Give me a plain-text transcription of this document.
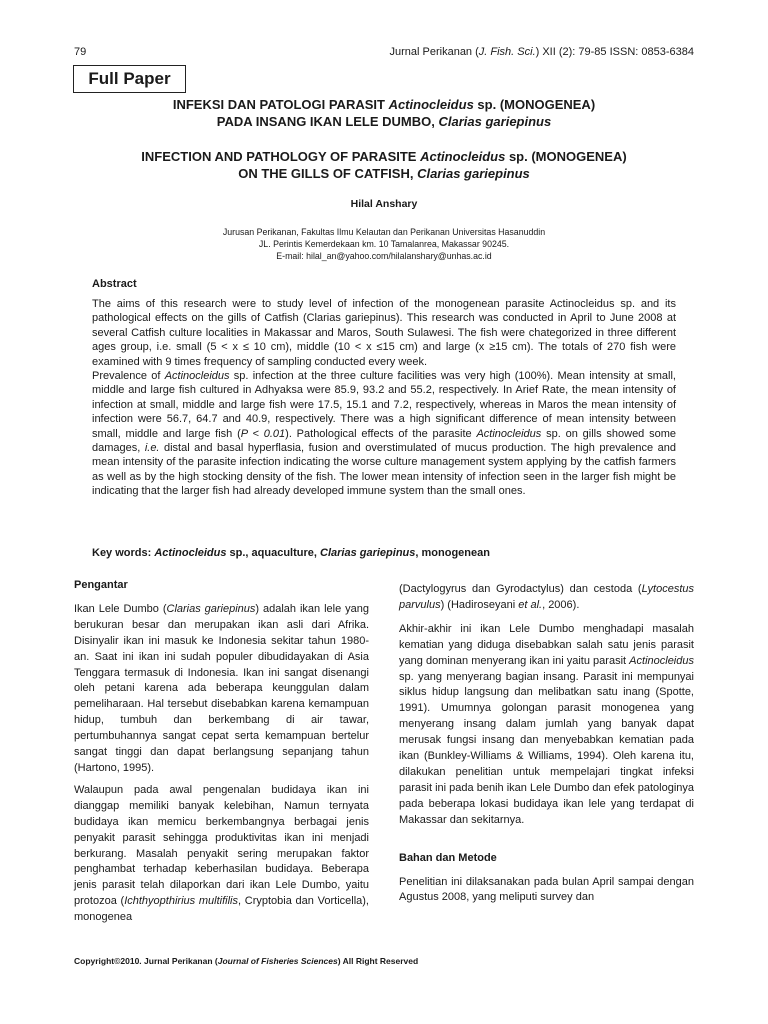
79	Jurnal Perikanan (J. Fish. Sci.) XII (2): 79-85 ISSN: 0853-6384
Full Paper
INFEKSI DAN PATOLOGI PARASIT Actinocleidus sp. (MONOGENEA)
PADA INSANG IKAN LELE DUMBO, Clarias gariepinus
INFECTION AND PATHOLOGY OF PARASITE Actinocleidus sp. (MONOGENEA)
ON THE GILLS OF CATFISH, Clarias gariepinus
Hilal Anshary
Jurusan Perikanan, Fakultas Ilmu Kelautan dan Perikanan Universitas Hasanuddin
JL. Perintis Kemerdekaan km. 10 Tamalanrea, Makassar 90245.
E-mail: hilal_an@yahoo.com/hilalanshary@unhas.ac.id
Abstract

The aims of this research were to study level of infection of the monogenean parasite Actinocleidus sp. and its pathological effects on the gills of Catfish (Clarias gariepinus). This research was conducted in April to June 2008 at several Catfish culture localities in Makassar and Maros, South Sulawesi. The fish were chategorized in three different ages group, i.e. small (5 < x ≤ 10 cm), middle (10 < x ≤15 cm) and large (x ≥15 cm). The totals of 270 fish were examined with 9 times frequency of sampling conducted every week.

Prevalence of Actinocleidus sp. infection at the three culture facilities was very high (100%). Mean intensity at small, middle and large fish cultured in Adhyaksa were 85.9, 93.2 and 55.2, respectively. In Arief Rate, the mean intensity of infection at small, middle and large fish were 17.5, 15.1 and 7.2, respectively, whereas in Maros the mean intensity of infection were 56.7, 64.7 and 40.9, respectively. There was a high significant difference of mean intensity between small, middle and large fish (P < 0.01). Pathological effects of the parasite Actinocleidus sp. on gills showed some damages, i.e. distal and basal hyperflasia, fusion and overstimulated of mucus production. The high prevalence and mean intensity of the parasite infection indicating the worse culture management system applying by the catfish farmers as well as by the high stocking density of the fish. The lower mean intensity of infection seen in the larger fish might be indicating that the larger fish had already developed immune system than the small ones.

Key words: Actinocleidus sp., aquaculture, Clarias gariepinus, monogenean
Pengantar

Ikan Lele Dumbo (Clarias gariepinus) adalah ikan lele yang berukuran besar dan merupakan ikan asli dari Afrika. Disinyalir ikan ini masuk ke Indonesia sekitar tahun 1980-an. Saat ini ikan ini sudah populer dibudidayakan di Asia Tenggara termasuk di Indonesia. Ikan ini sangat disenangi oleh petani karena ada beberapa keunggulan dalam pemeliharaan. Hal tersebut disebabkan karena kemampuan hidup, tumbuh dan berkembang di air tawar, pertumbuhannya sangat cepat serta kemampuan bertelur sangat tinggi dan dapat berlangsung sepanjang tahun (Hartono, 1995).

Walaupun pada awal pengenalan budidaya ikan ini dianggap memiliki banyak kelebihan, Namun ternyata budidaya ikan memicu berkembangnya berbagai jenis penyakit parasit sehingga produktivitas ikan ini menjadi berkurang. Masalah penyakit sering merupakan faktor penghambat terhadap keberhasilan budidaya. Beberapa jenis parasit telah dilaporkan dari ikan Lele Dumbo, yaitu protozoa (Ichthyopthirius multifilis, Cryptobia dan Vorticella), monogenea

(Dactylogyrus dan Gyrodactylus) dan cestoda (Lytocestus parvulus) (Hadiroseyani et al., 2006).

Akhir-akhir ini ikan Lele Dumbo menghadapi masalah kematian yang diduga disebabkan salah satu jenis parasit yang dominan menyerang ikan ini yaitu parasit Actinocleidus sp. yang menyerang bagian insang. Parasit ini mempunyai siklus hidup langsung dan melibatkan satu inang (Spotte, 1991). Umumnya golongan parasit monogenea yang menyerang insang dalam jumlah yang banyak dapat merusak fungsi insang dan menyebabkan kematian pada ikan (Bunkley-Williams & Williams, 1994). Oleh karena itu, dilakukan penelitian untuk mempelajari tingkat infeksi parasit ini pada benih ikan Lele Dumbo dan efek patologinya pada beberapa lokasi budidaya ikan lele yang terdapat di Makassar dan sekitarnya.

Bahan dan Metode

Penelitian ini dilaksanakan pada bulan April sampai dengan Agustus 2008, yang meliputi survey dan

Copyright©2010. Jurnal Perikanan (Journal of Fisheries Sciences) All Right Reserved
